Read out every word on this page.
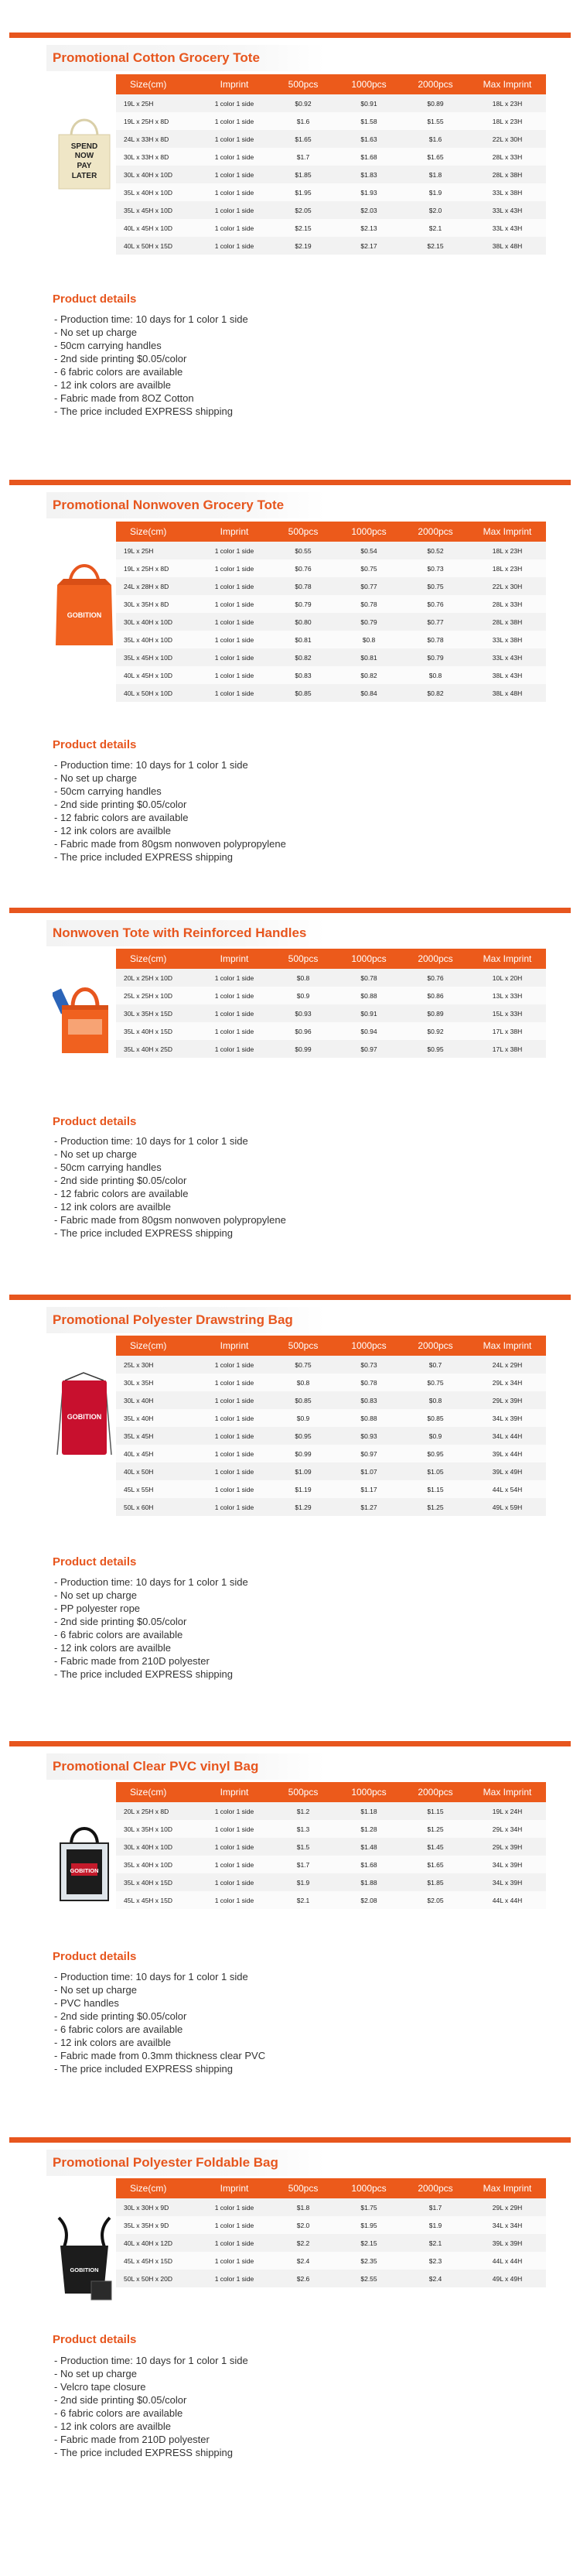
Promotional Cotton Grocery Tote
SPEND
NOW
PAY
LATER
Size(cm)	Imprint	500pcs	1000pcs	2000pcs	Max Imprint
19L x 25H	1 color 1 side	$0.92	$0.91	$0.89	18L x 23H
19L x 25H x 8D	1 color 1 side	$1.6	$1.58	$1.55	18L x 23H
24L x 33H x 8D	1 color 1 side	$1.65	$1.63	$1.6	22L x 30H
30L x 33H x 8D	1 color 1 side	$1.7	$1.68	$1.65	28L x 33H
30L x 40H x 10D	1 color 1 side	$1.85	$1.83	$1.8	28L x 38H
35L x 40H x 10D	1 color 1 side	$1.95	$1.93	$1.9	33L x 38H
35L x 45H x 10D	1 color 1 side	$2.05	$2.03	$2.0	33L x 43H
40L x 45H x 10D	1 color 1 side	$2.15	$2.13	$2.1	33L x 43H
40L x 50H x 15D	1 color 1 side	$2.19	$2.17	$2.15	38L x 48H
Product details
- Production time: 10 days for 1 color 1 side
- No set up charge
- 50cm carrying handles
- 2nd side printing $0.05/color
- 6 fabric colors are available
- 12 ink colors are availble
- Fabric made from 8OZ Cotton
- The price included EXPRESS shipping
Promotional Nonwoven Grocery Tote
GOBITION
Size(cm)	Imprint	500pcs	1000pcs	2000pcs	Max Imprint
19L x 25H	1 color 1 side	$0.55	$0.54	$0.52	18L x 23H
19L x 25H x 8D	1 color 1 side	$0.76	$0.75	$0.73	18L x 23H
24L x 28H x 8D	1 color 1 side	$0.78	$0.77	$0.75	22L x 30H
30L x 35H x 8D	1 color 1 side	$0.79	$0.78	$0.76	28L x 33H
30L x 40H x 10D	1 color 1 side	$0.80	$0.79	$0.77	28L x 38H
35L x 40H x 10D	1 color 1 side	$0.81	$0.8	$0.78	33L x 38H
35L x 45H x 10D	1 color 1 side	$0.82	$0.81	$0.79	33L x 43H
40L x 45H x 10D	1 color 1 side	$0.83	$0.82	$0.8	38L x 43H
40L x 50H x 10D	1 color 1 side	$0.85	$0.84	$0.82	38L x 48H
Product details
- Production time: 10 days for 1 color 1 side
- No set up charge
- 50cm carrying handles
- 2nd side printing $0.05/color
- 12 fabric colors are available
- 12 ink colors are availble
- Fabric made from 80gsm nonwoven polypropylene
- The price included EXPRESS shipping
Nonwoven Tote with Reinforced Handles
Size(cm)	Imprint	500pcs	1000pcs	2000pcs	Max Imprint
20L x 25H x 10D	1 color 1 side	$0.8	$0.78	$0.76	10L x 20H
25L x 25H x 10D	1 color 1 side	$0.9	$0.88	$0.86	13L x 33H
30L x 35H x 15D	1 color 1 side	$0.93	$0.91	$0.89	15L x 33H
35L x 40H x 15D	1 color 1 side	$0.96	$0.94	$0.92	17L x 38H
35L x 40H x 25D	1 color 1 side	$0.99	$0.97	$0.95	17L x 38H
Product details
- Production time: 10 days for 1 color 1 side
- No set up charge
- 50cm carrying handles
- 2nd side printing $0.05/color
- 12 fabric colors are available
- 12 ink colors are availble
- Fabric made from 80gsm nonwoven polypropylene
- The price included EXPRESS shipping
Promotional Polyester Drawstring Bag
GOBITION
Size(cm)	Imprint	500pcs	1000pcs	2000pcs	Max Imprint
25L x 30H	1 color 1 side	$0.75	$0.73	$0.7	24L x 29H
30L x 35H	1 color 1 side	$0.8	$0.78	$0.75	29L x 34H
30L x 40H	1 color 1 side	$0.85	$0.83	$0.8	29L x 39H
35L x 40H	1 color 1 side	$0.9	$0.88	$0.85	34L x 39H
35L x 45H	1 color 1 side	$0.95	$0.93	$0.9	34L x 44H
40L x 45H	1 color 1 side	$0.99	$0.97	$0.95	39L x 44H
40L x 50H	1 color 1 side	$1.09	$1.07	$1.05	39L x 49H
45L x 55H	1 color 1 side	$1.19	$1.17	$1.15	44L x 54H
50L x 60H	1 color 1 side	$1.29	$1.27	$1.25	49L x 59H
Product details
- Production time: 10 days for 1 color 1 side
- No set up charge
- PP polyester rope
- 2nd side printing $0.05/color
- 6 fabric colors are available
- 12 ink colors are availble
- Fabric made from 210D polyester
- The price included EXPRESS shipping
Promotional Clear PVC vinyl Bag
GOBITION
Size(cm)	Imprint	500pcs	1000pcs	2000pcs	Max Imprint
20L x 25H x 8D	1 color 1 side	$1.2	$1.18	$1.15	19L x 24H
30L x 35H x 10D	1 color 1 side	$1.3	$1.28	$1.25	29L x 34H
30L x 40H x 10D	1 color 1 side	$1.5	$1.48	$1.45	29L x 39H
35L x 40H x 10D	1 color 1 side	$1.7	$1.68	$1.65	34L x 39H
35L x 40H x 15D	1 color 1 side	$1.9	$1.88	$1.85	34L x 39H
45L x 45H x 15D	1 color 1 side	$2.1	$2.08	$2.05	44L x 44H
Product details
- Production time: 10 days for 1 color 1 side
- No set up charge
- PVC handles
- 2nd side printing $0.05/color
- 6 fabric colors are available
- 12 ink colors are availble
- Fabric made from 0.3mm thickness clear PVC
- The price included EXPRESS shipping
Promotional Polyester Foldable Bag
GOBITION
Size(cm)	Imprint	500pcs	1000pcs	2000pcs	Max Imprint
30L x 30H x 9D	1 color 1 side	$1.8	$1.75	$1.7	29L x 29H
35L x 35H x 9D	1 color 1 side	$2.0	$1.95	$1.9	34L x 34H
40L x 40H x 12D	1 color 1 side	$2.2	$2.15	$2.1	39L x 39H
45L x 45H x 15D	1 color 1 side	$2.4	$2.35	$2.3	44L x 44H
50L x 50H x 20D	1 color 1 side	$2.6	$2.55	$2.4	49L x 49H
Product details
- Production time: 10 days for 1 color 1 side
- No set up charge
- Velcro tape closure
- 2nd side printing $0.05/color
- 6 fabric colors are available
- 12 ink colors are availble
- Fabric made from 210D polyester
- The price included EXPRESS shipping
